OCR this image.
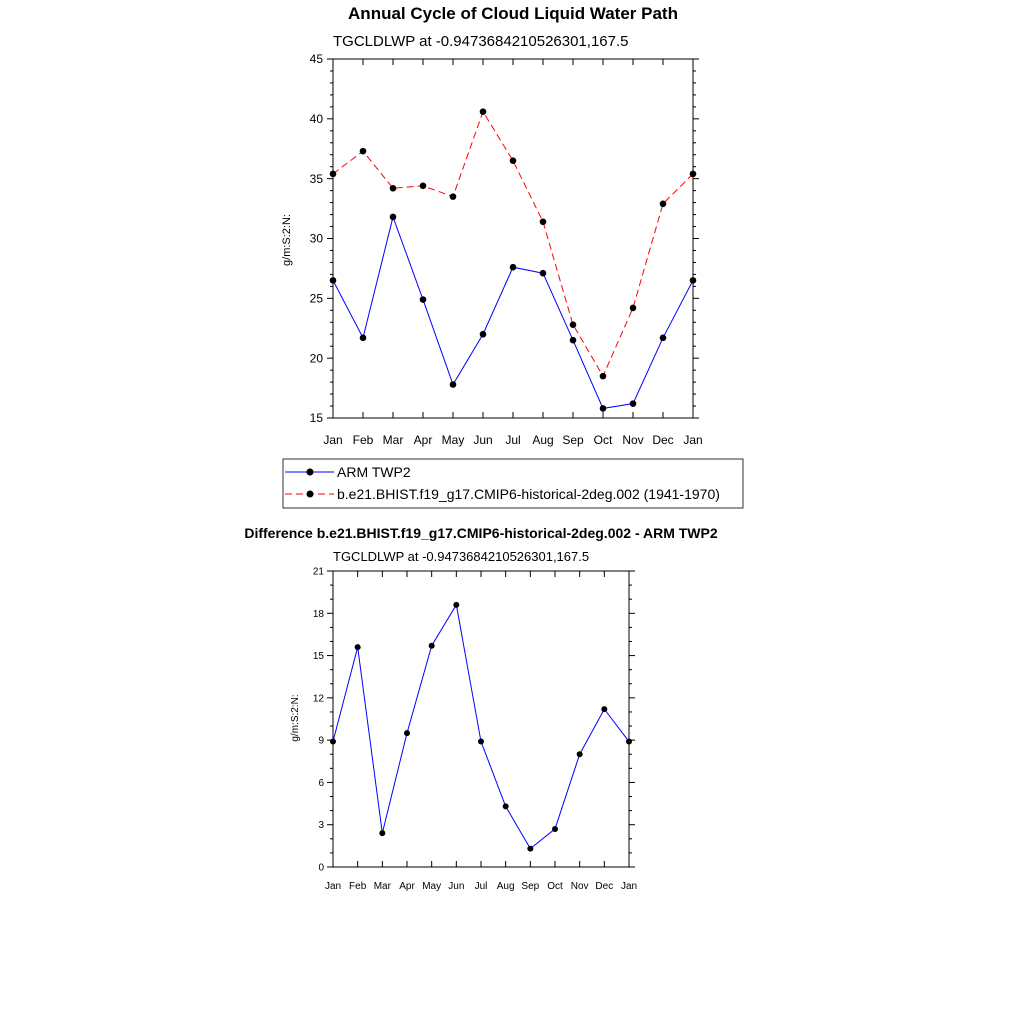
Annual Cycle of Cloud Liquid Water Path
TGCLDLWP at -0.9473684210526301,167.5
g/m:S:2:N:
15
20
25
30
35
40
45
Jan Feb Mar Apr May Jun Jul Aug Sep Oct Nov Dec Jan
ARM TWP2
b.e21.BHIST.f19_g17.CMIP6-historical-2deg.002 (1941-1970)
Difference b.e21.BHIST.f19_g17.CMIP6-historical-2deg.002 - ARM TWP2
TGCLDLWP at -0.9473684210526301,167.5
g/m:S:2:N:
0
3
6
9
12
15
18
21
Jan Feb Mar Apr May Jun Jul Aug Sep Oct Nov Dec Jan
